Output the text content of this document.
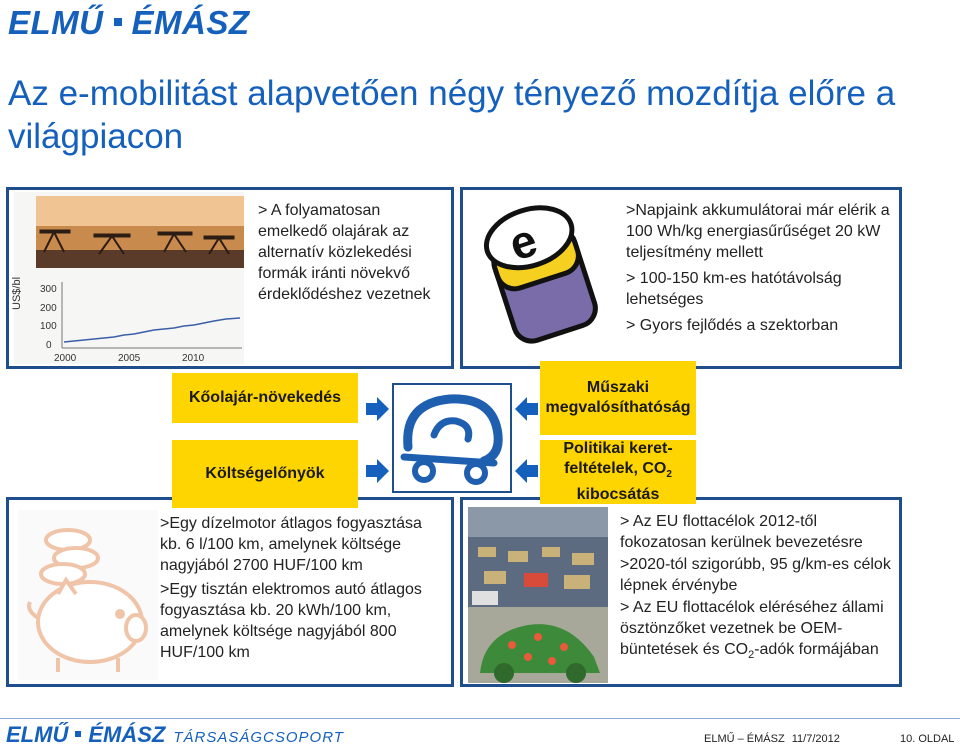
ELMŰ ÉMÁSZ
Az e-mobilitást alapvetően négy tényező mozdítja előre a világpiacon
US$/bl 300
200
100
0
2000	2005	2010
> A folyamatosan emelkedő olajárak az alternatív közlekedési formák iránti növekvő érdeklődéshez vezetnek
e
>Napjaink akkumulátorai már elérik a 100 Wh/kg energiasűrűséget 20 kW teljesítmény mellett
> 100-150 km-es hatótávolság lehetséges
> Gyors fejlődés a szektorban
>Egy dízelmotor átlagos fogyasztása kb. 6 l/100 km, amelynek költsége nagyjából 2700 HUF/100 km
>Egy tisztán elektromos autó átlagos fogyasztása kb. 20 kWh/100 km, amelynek költsége nagyjából 800 HUF/100 km
> Az EU flottacélok 2012-től fokozatosan kerülnek bevezetésre
>2020-tól szigorúbb, 95 g/km-es célok lépnek érvénybe
> Az EU flottacélok eléréséhez állami ösztönzőket vezetnek be OEM-büntetések és $CO_2$-adók formájában
Kőolajár-növekedés
Műszaki megvalósíthatóság
Költségelőnyök
Politikai keret-
feltételek, $CO_2$
kibocsátás
ELMŰ ÉMÁSZ TÁRSASÁGCSOPORT	ELMŰ – ÉMÁSZ 11/7/2012	10. OLDAL
